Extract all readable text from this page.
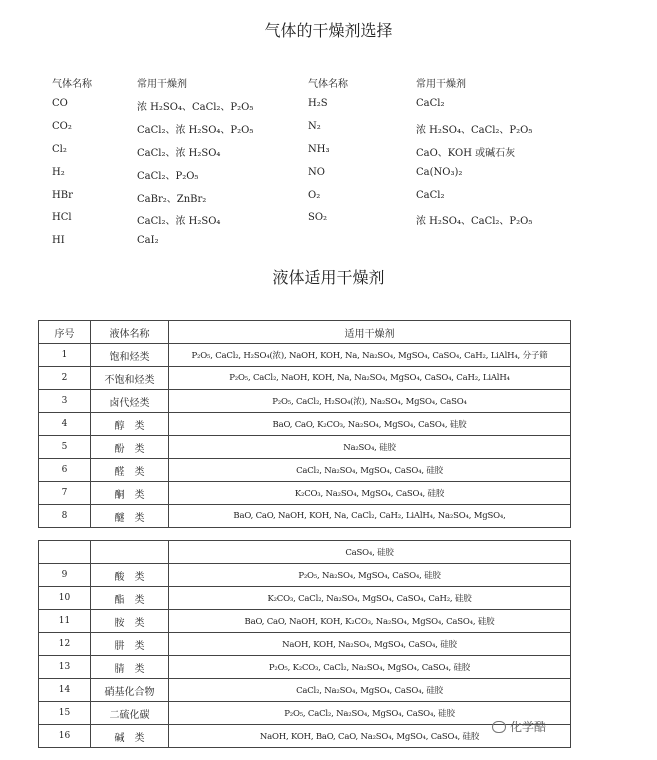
气体的干燥剂选择
气体名称	常用干燥剂	气体名称	常用干燥剂
CO	浓 H₂SO₄、CaCl₂、P₂O₅	H₂S	CaCl₂
CO₂	CaCl₂、浓 H₂SO₄、P₂O₅	N₂	浓 H₂SO₄、CaCl₂、P₂O₅
Cl₂	CaCl₂、浓 H₂SO₄	NH₃	CaO、KOH 或碱石灰
H₂	CaCl₂、P₂O₅	NO	Ca(NO₃)₂
HBr	CaBr₂、ZnBr₂	O₂	CaCl₂
HCl	CaCl₂、浓 H₂SO₄	SO₂	浓 H₂SO₄、CaCl₂、P₂O₅
HI	CaI₂
液体适用干燥剂
序号	液体名称	适用干燥剂
1	饱和烃类	P₂O₅, CaCl₂, H₂SO₄(浓), NaOH, KOH, Na, Na₂SO₄, MgSO₄, CaSO₄, CaH₂, LiAlH₄, 分子筛
2	不饱和烃类	P₂O₅, CaCl₂, NaOH, KOH, Na, Na₂SO₄, MgSO₄, CaSO₄, CaH₂, LiAlH₄
3	卤代烃类	P₂O₅, CaCl₂, H₂SO₄(浓), Na₂SO₄, MgSO₄, CaSO₄
4	醇　类	BaO, CaO, K₂CO₃, Na₂SO₄, MgSO₄, CaSO₄, 硅胶
5	酚　类	Na₂SO₄, 硅胶
6	醛　类	CaCl₂, Na₂SO₄, MgSO₄, CaSO₄, 硅胶
7	酮　类	K₂CO₃, Na₂SO₄, MgSO₄, CaSO₄, 硅胶
8	醚　类	BaO, CaO, NaOH, KOH, Na, CaCl₂, CaH₂, LiAlH₄, Na₂SO₄, MgSO₄,
		CaSO₄, 硅胶
9	酸　类	P₂O₅, Na₂SO₄, MgSO₄, CaSO₄, 硅胶
10	酯　类	K₂CO₃, CaCl₂, Na₂SO₄, MgSO₄, CaSO₄, CaH₂, 硅胶
11	胺　类	BaO, CaO, NaOH, KOH, K₂CO₃, Na₂SO₄, MgSO₄, CaSO₄, 硅胶
12	肼　类	NaOH, KOH, Na₂SO₄, MgSO₄, CaSO₄, 硅胶
13	腈　类	P₂O₅, K₂CO₃, CaCl₂, Na₂SO₄, MgSO₄, CaSO₄, 硅胶
14	硝基化合物	CaCl₂, Na₂SO₄, MgSO₄, CaSO₄, 硅胶
15	二硫化碳	P₂O₅, CaCl₂, Na₂SO₄, MgSO₄, CaSO₄, 硅胶
16	碱　类	NaOH, KOH, BaO, CaO, Na₂SO₄, MgSO₄, CaSO₄, 硅胶
化学酷
